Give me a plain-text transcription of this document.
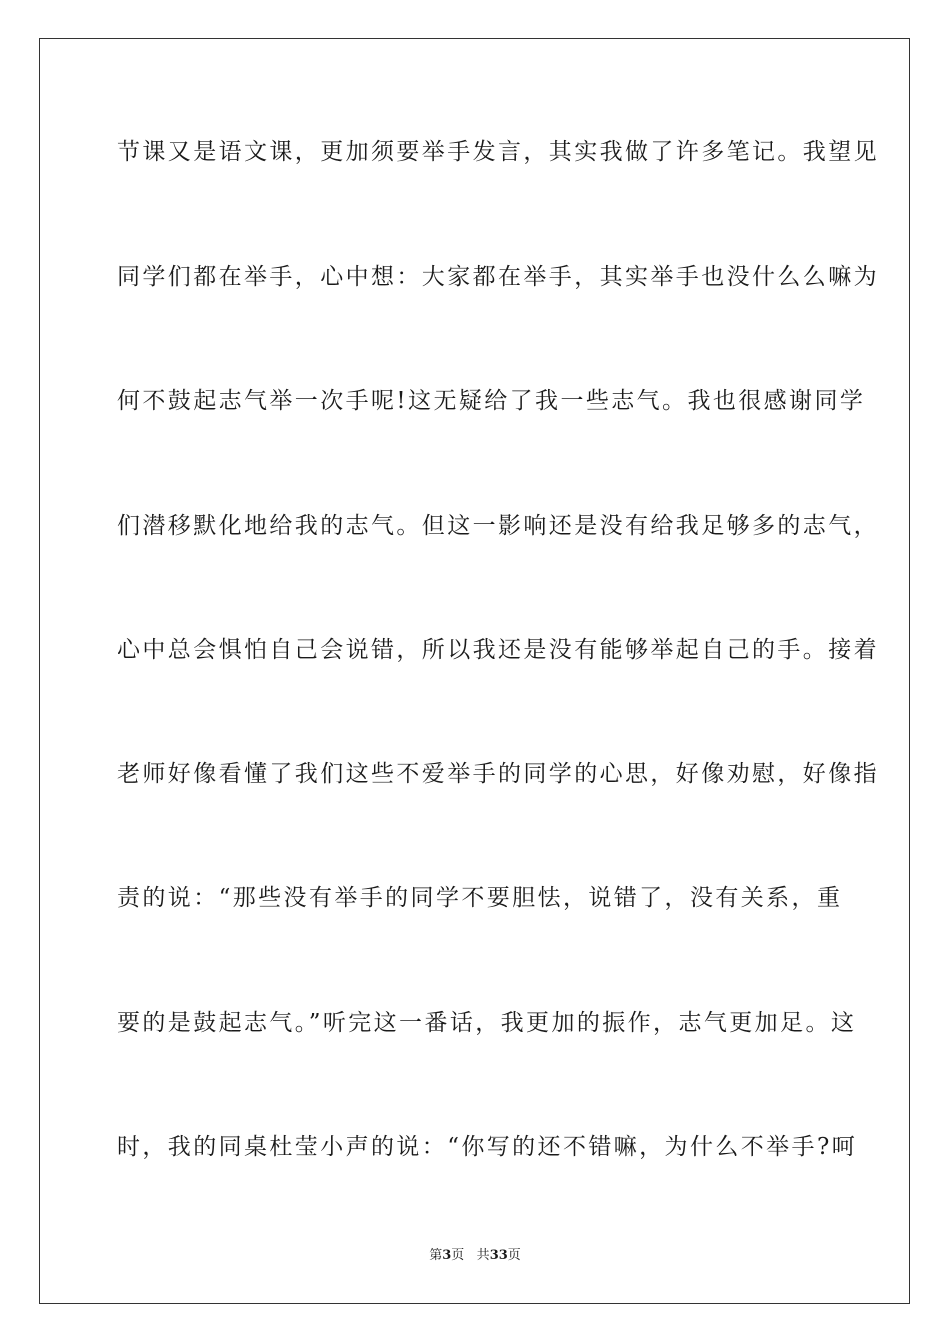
节课又是语文课，更加须要举手发言，其实我做了许多笔记。我望见
同学们都在举手，心中想：大家都在举手，其实举手也没什么么嘛为
何不鼓起志气举一次手呢!这无疑给了我一些志气。我也很感谢同学
们潜移默化地给我的志气。但这一影响还是没有给我足够多的志气，
心中总会惧怕自己会说错，所以我还是没有能够举起自己的手。接着
老师好像看懂了我们这些不爱举手的同学的心思，好像劝慰，好像指
责的说：“那些没有举手的同学不要胆怯，说错了，没有关系，重
要的是鼓起志气。”听完这一番话，我更加的振作，志气更加足。这
时，我的同桌杜莹小声的说：“你写的还不错嘛，为什么不举手?呵
第3页 共33页
